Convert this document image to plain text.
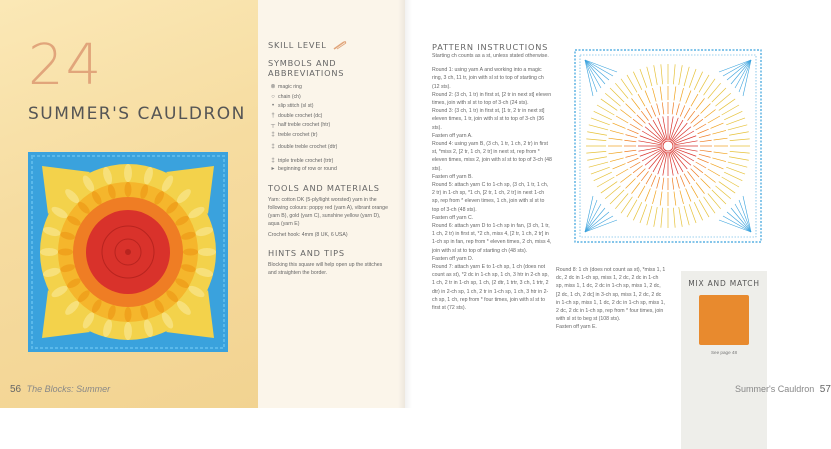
24
SUMMER'S CAULDRON
56 The Blocks: Summer
SKILL LEVEL
SYMBOLS AND ABBREVIATIONS
⊗ magic ring
○ chain (ch)
• slip stitch (sl st)
† double crochet (dc)
┬ half treble crochet (htr)
‡ treble crochet (tr)
‡ double treble crochet (dtr)
‡ triple treble crochet (trtr)
▸ beginning of row or round
TOOLS AND MATERIALS

Yarn: cotton DK (5-ply/light worsted) yarn in the following colours: poppy red (yarn A), vibrant orange (yarn B), gold (yarn C), sunshine yellow (yarn D), aqua (yarn E)

Crochet hook: 4mm (8 UK, 6 USA)

HINTS AND TIPS

Blocking this square will help open up the stitches and straighten the border.

PATTERN INSTRUCTIONS

Starting ch counts as a st, unless stated otherwise.

Round 1: using yarn A and working into a magic ring, 3 ch, 11 tr, join with sl st to top of starting ch (12 sts).

Round 2: (3 ch, 1 tr) in first st, [2 tr in next st] eleven times, join with sl st to top of 3-ch (24 sts).

Round 3: (3 ch, 1 tr) in first st, [1 tr, 2 tr in next st] eleven times, 1 tr, join with sl st to top of 3-ch (36 sts).

Fasten off yarn A.

Round 4: using yarn B, (3 ch, 1 tr, 1 ch, 2 tr) in first st, *miss 2, [2 tr, 1 ch, 2 tr] in next st, rep from * eleven times, miss 2, join with sl st to top of 3-ch (48 sts).

Fasten off yarn B.

Round 5: attach yarn C to 1-ch sp, (3 ch, 1 tr, 1 ch, 2 tr) in 1-ch sp, *1 ch, [2 tr, 1 ch, 2 tr] in next 1-ch sp, rep from * eleven times, 1 ch, join with sl st to top of 3-ch (48 sts).

Fasten off yarn C.

Round 6: attach yarn D to 1-ch sp in fan, (3 ch, 1 tr, 1 ch, 2 tr) in first st, *2 ch, miss 4, [2 tr, 1 ch, 2 tr] in 1-ch sp in fan, rep from * eleven times, 2 ch, miss 4, join with sl st to top of starting ch (48 sts).

Fasten off yarn D.

Round 7: attach yarn E to 1-ch sp, 1 ch (does not count as st), *2 dc in 1-ch sp, 1 ch, 3 htr in 2-ch sp, 1 ch, 2 tr in 1-ch sp, 1 ch, (2 dtr, 1 trtr, 3 ch, 1 trtr, 2 dtr) in 2-ch sp, 1 ch, 2 tr in 1-ch sp, 1 ch, 3 htr in 2-ch sp, 1 ch, rep from * four times, join with sl st to first st (72 sts).

Round 8: 1 ch (does not count as st), *miss 1, 1 dc, 2 dc in 1-ch sp, miss 1, 2 dc, 2 dc in 1-ch sp, miss 1, 1 dc, 2 dc in 1-ch sp, miss 1, 2 dc, [2 dc, 1 ch, 2 dc] in 3-ch sp, miss 1, 2 dc, 2 dc in 1-ch sp, miss 1, 1 dc, 2 dc in 1-ch sp, miss 1, 2 dc, 2 dc in 1-ch sp, rep from * four times, join with sl st to beg st (108 sts).

Fasten off yarn E.

MIX AND MATCH
See page 48
Summer's Cauldron 57
